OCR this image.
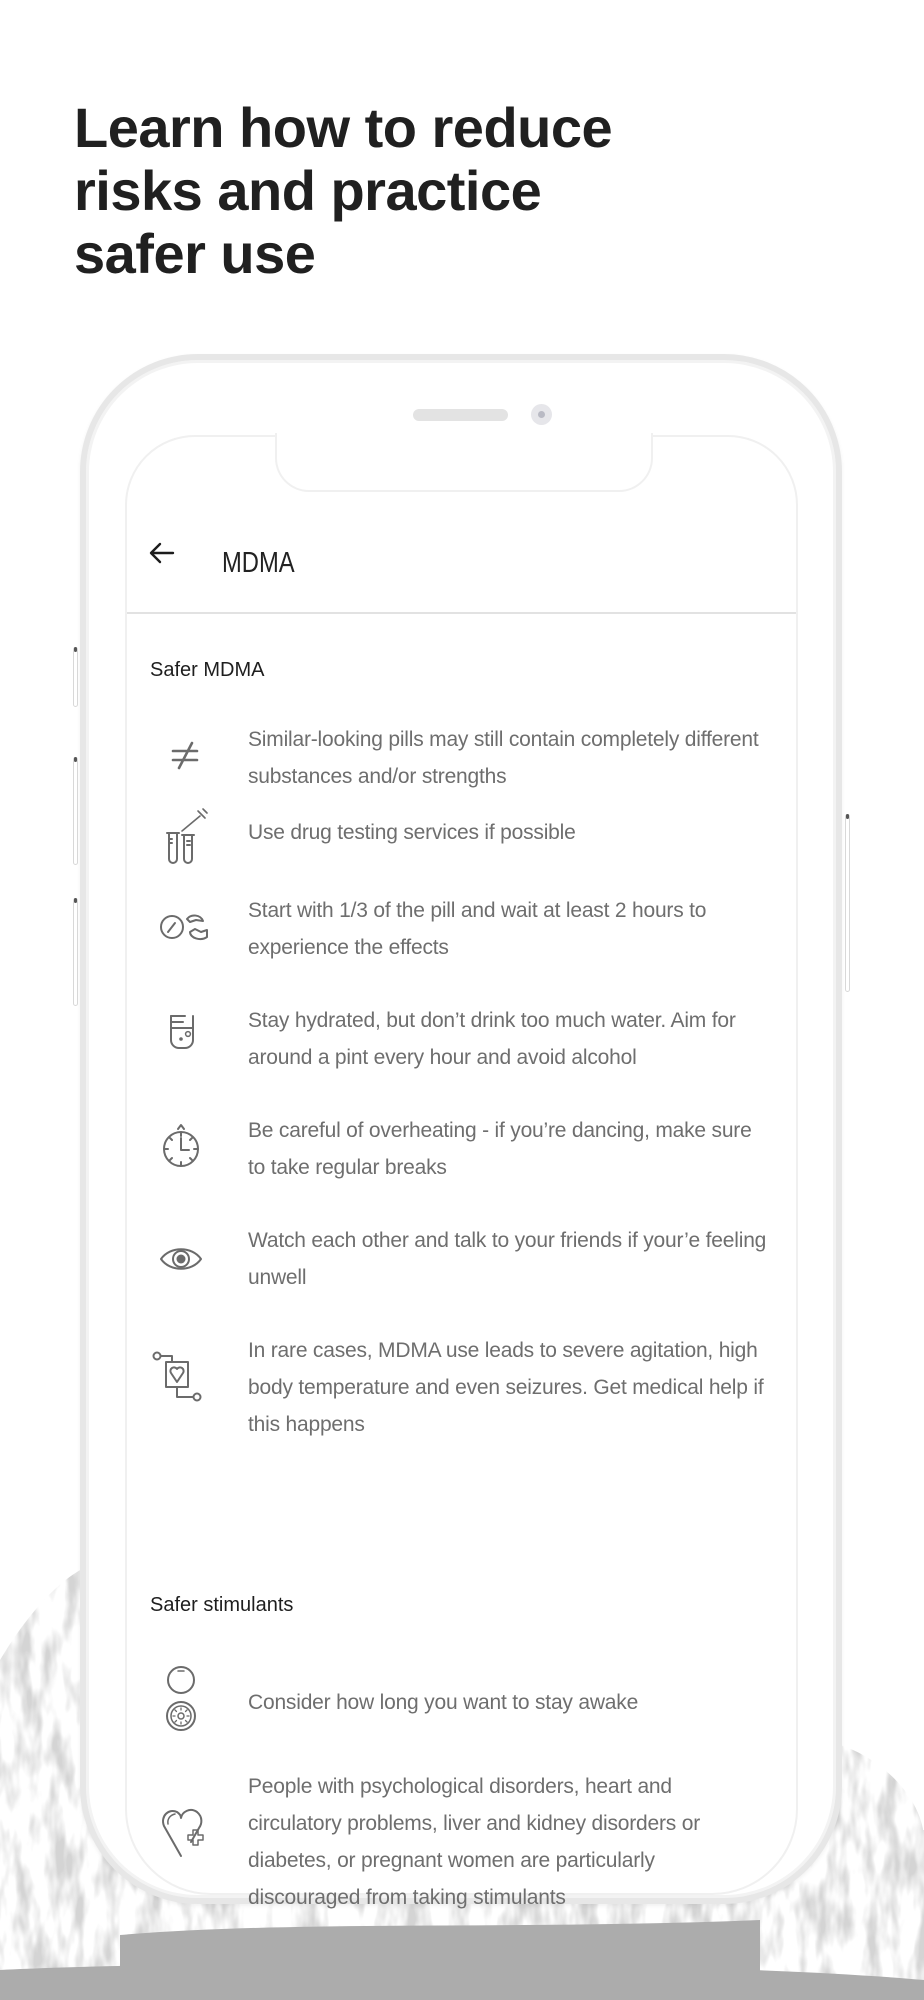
Learn how to reduce
risks and practice
safer use
MDMA
Safer MDMA
Similar-looking pills may still contain completely different substances and/or strengths
Use drug testing services if possible
Start with 1/3 of the pill and wait at least 2 hours to experience the effects
Stay hydrated, but don’t drink too much water. Aim for around a pint every hour and avoid alcohol
Be careful of overheating - if you’re dancing, make sure to take regular breaks
Watch each other and talk to your friends if your’e feeling unwell
In rare cases, MDMA use leads to severe agitation, high body temperature and even seizures. Get medical help if this happens
Safer stimulants
Consider how long you want to stay awake
People with psychological disorders, heart and circulatory problems, liver and kidney disorders or diabetes, or pregnant women are particularly discouraged from taking stimulants
